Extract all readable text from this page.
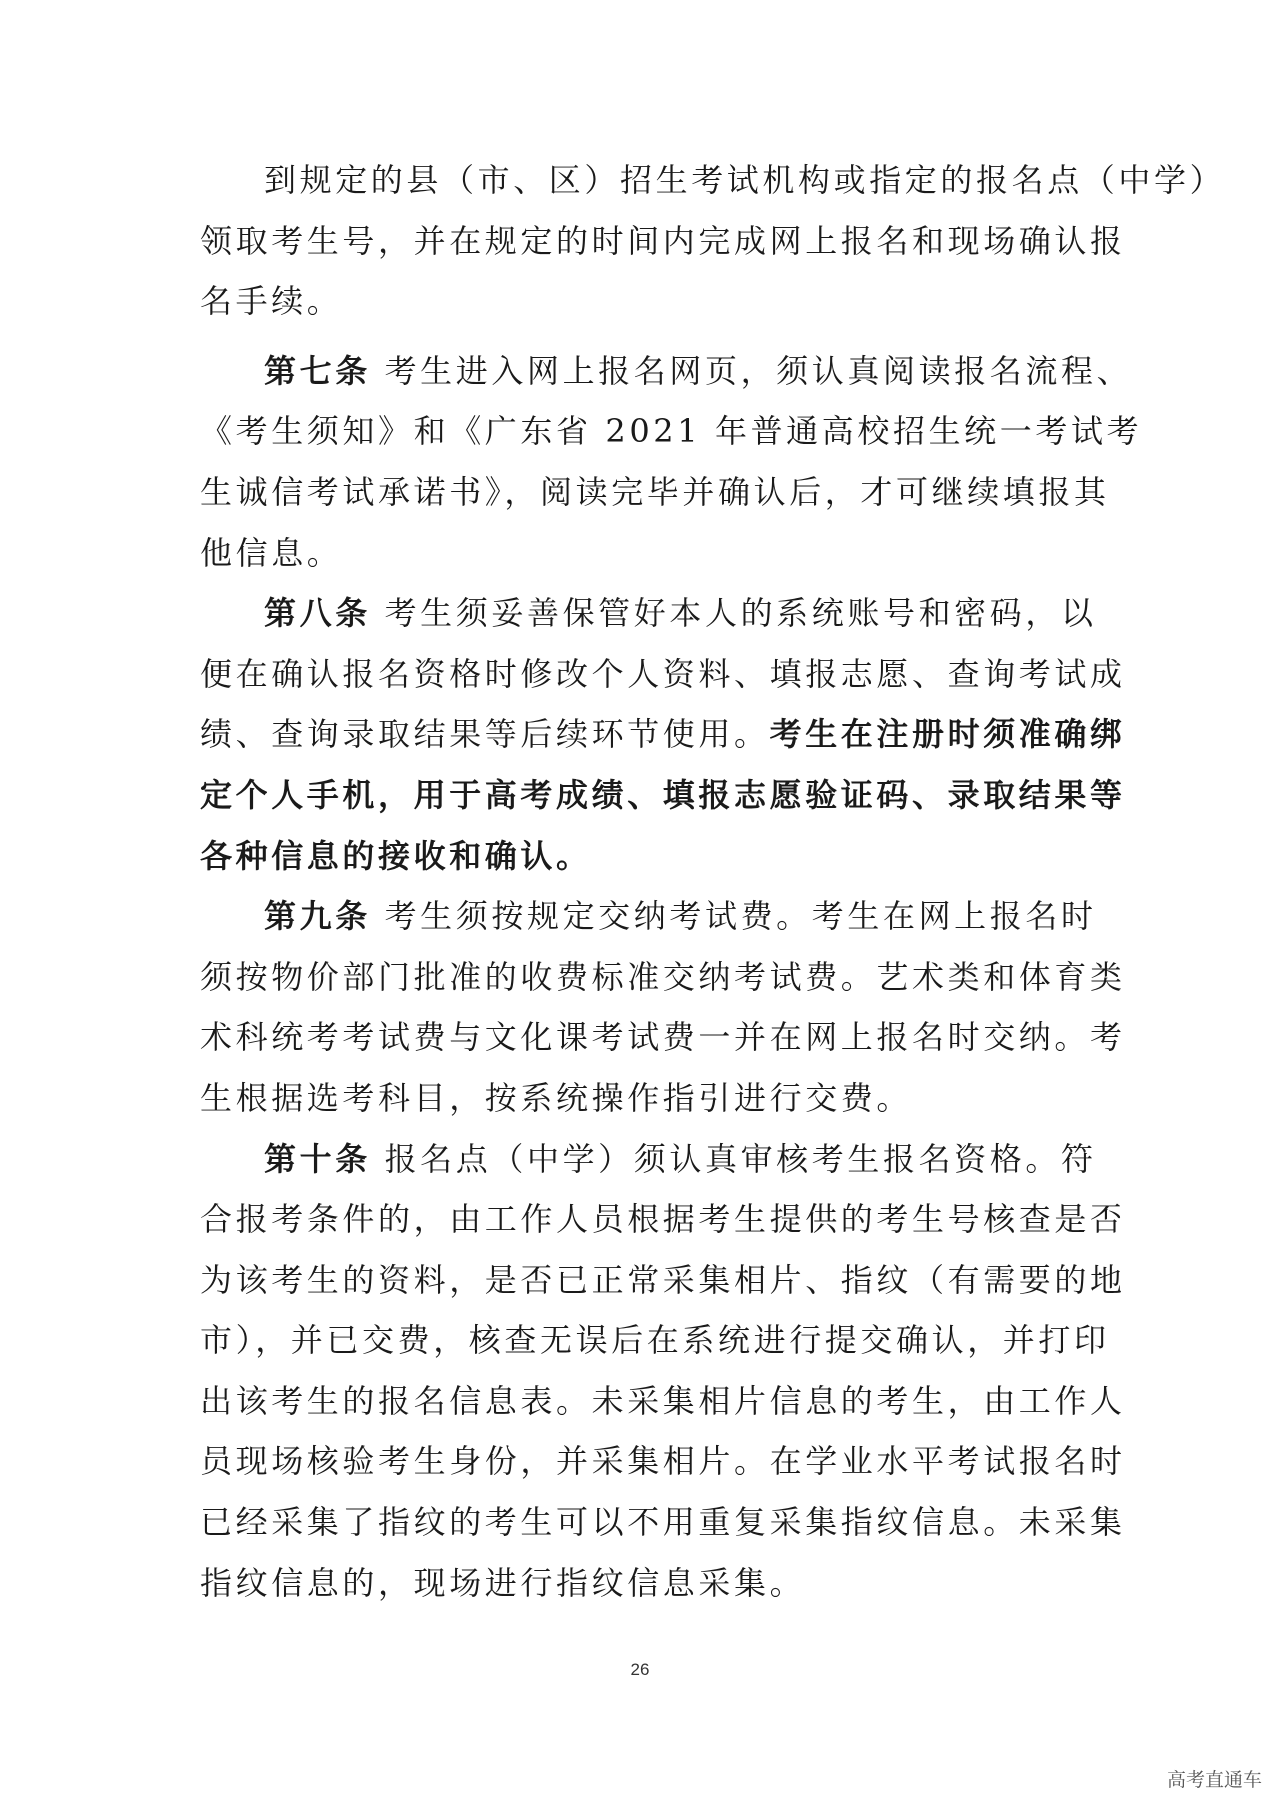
到规定的县（市、区）招生考试机构或指定的报名点（中学）
领取考生号，并在规定的时间内完成网上报名和现场确认报
名手续。
第七条 考生进入网上报名网页，须认真阅读报名流程、
《考生须知》和《广东省 2021 年普通高校招生统一考试考
生诚信考试承诺书》，阅读完毕并确认后，才可继续填报其
他信息。
第八条 考生须妥善保管好本人的系统账号和密码，以
便在确认报名资格时修改个人资料、填报志愿、查询考试成
绩、查询录取结果等后续环节使用。考生在注册时须准确绑
定个人手机，用于高考成绩、填报志愿验证码、录取结果等
各种信息的接收和确认。
第九条 考生须按规定交纳考试费。考生在网上报名时
须按物价部门批准的收费标准交纳考试费。艺术类和体育类
术科统考考试费与文化课考试费一并在网上报名时交纳。考
生根据选考科目，按系统操作指引进行交费。
第十条 报名点（中学）须认真审核考生报名资格。符
合报考条件的，由工作人员根据考生提供的考生号核查是否
为该考生的资料，是否已正常采集相片、指纹（有需要的地
市），并已交费，核查无误后在系统进行提交确认，并打印
出该考生的报名信息表。未采集相片信息的考生，由工作人
员现场核验考生身份，并采集相片。在学业水平考试报名时
已经采集了指纹的考生可以不用重复采集指纹信息。未采集
指纹信息的，现场进行指纹信息采集。
26
高考直通车
